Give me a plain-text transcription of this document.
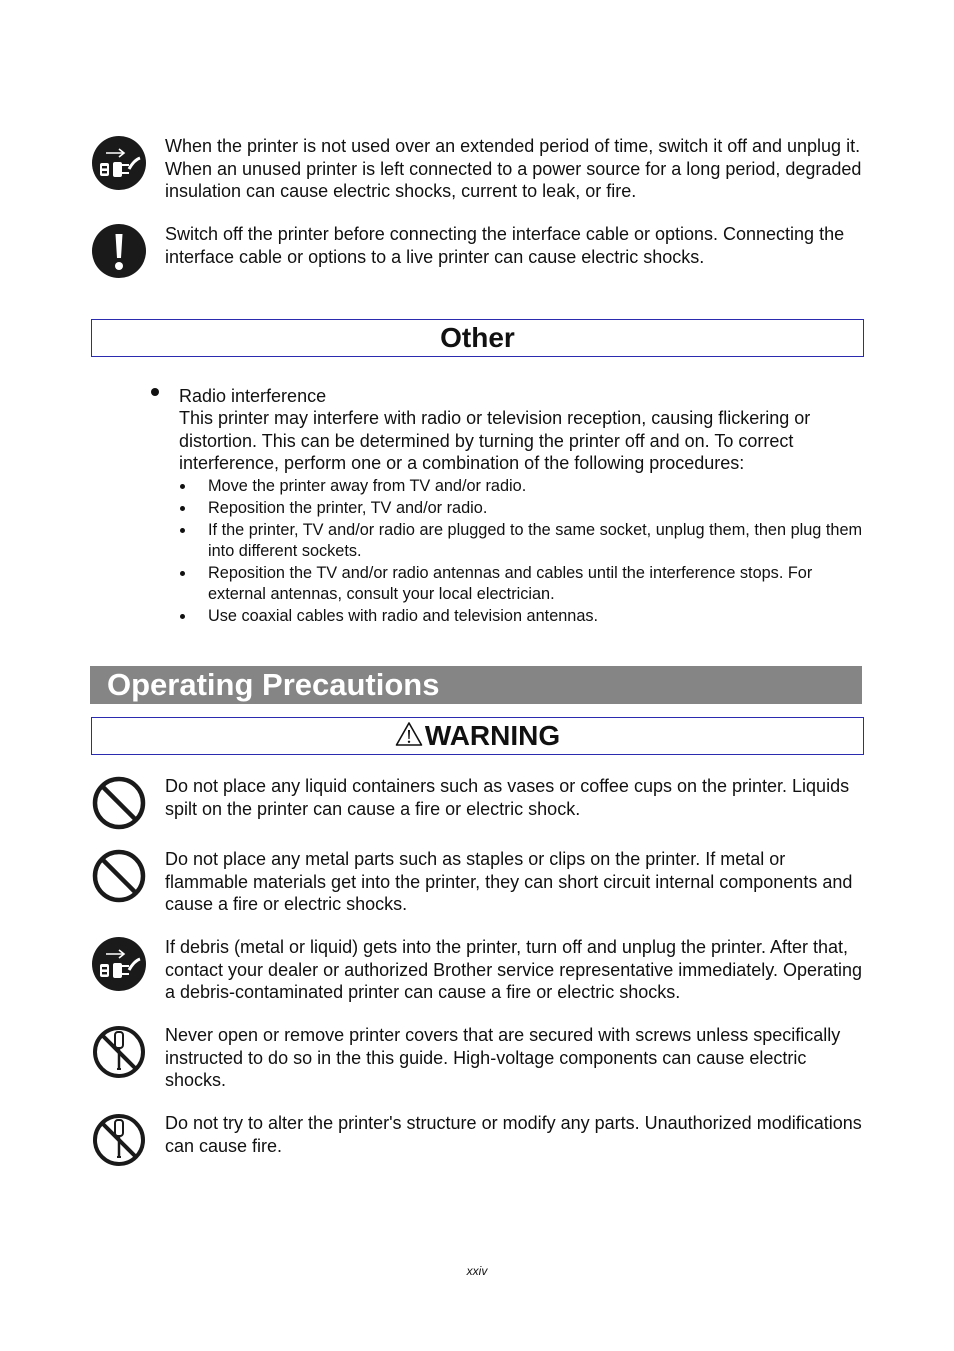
When the printer is not used over an extended period of time, switch it off and unplug it. When an unused printer is left connected to a power source for a long period, degraded insulation can cause electric shocks, current to leak, or fire.

Switch off the printer before connecting the interface cable or options. Connecting the interface cable or options to a live printer can cause electric shocks.

Other

Radio interference

This printer may interfere with radio or television reception, causing flickering or distortion. This can be determined by turning the printer off and on. To correct interference, perform one or a combination of the following procedures:

Move the printer away from TV and/or radio.
Reposition the printer, TV and/or radio.
If the printer, TV and/or radio are plugged to the same socket, unplug them, then plug them into different sockets.
Reposition the TV and/or radio antennas and cables until the interference stops. For external antennas, consult your local electrician.
Use coaxial cables with radio and television antennas.
Operating Precautions
WARNING

Do not place any liquid containers such as vases or coffee cups on the printer. Liquids spilt on the printer can cause a fire or electric shock.

Do not place any metal parts such as staples or clips on the printer. If metal or flammable materials get into the printer, they can short circuit internal components and cause a fire or electric shocks.

If debris (metal or liquid) gets into the printer, turn off and unplug the printer. After that, contact your dealer or authorized Brother service representative immediately. Operating a debris-contaminated printer can cause a fire or electric shocks.

Never open or remove printer covers that are secured with screws unless specifically instructed to do so in the this guide. High-voltage components can cause electric shocks.

Do not try to alter the printer's structure or modify any parts. Unauthorized modifications can cause fire.

xxiv
